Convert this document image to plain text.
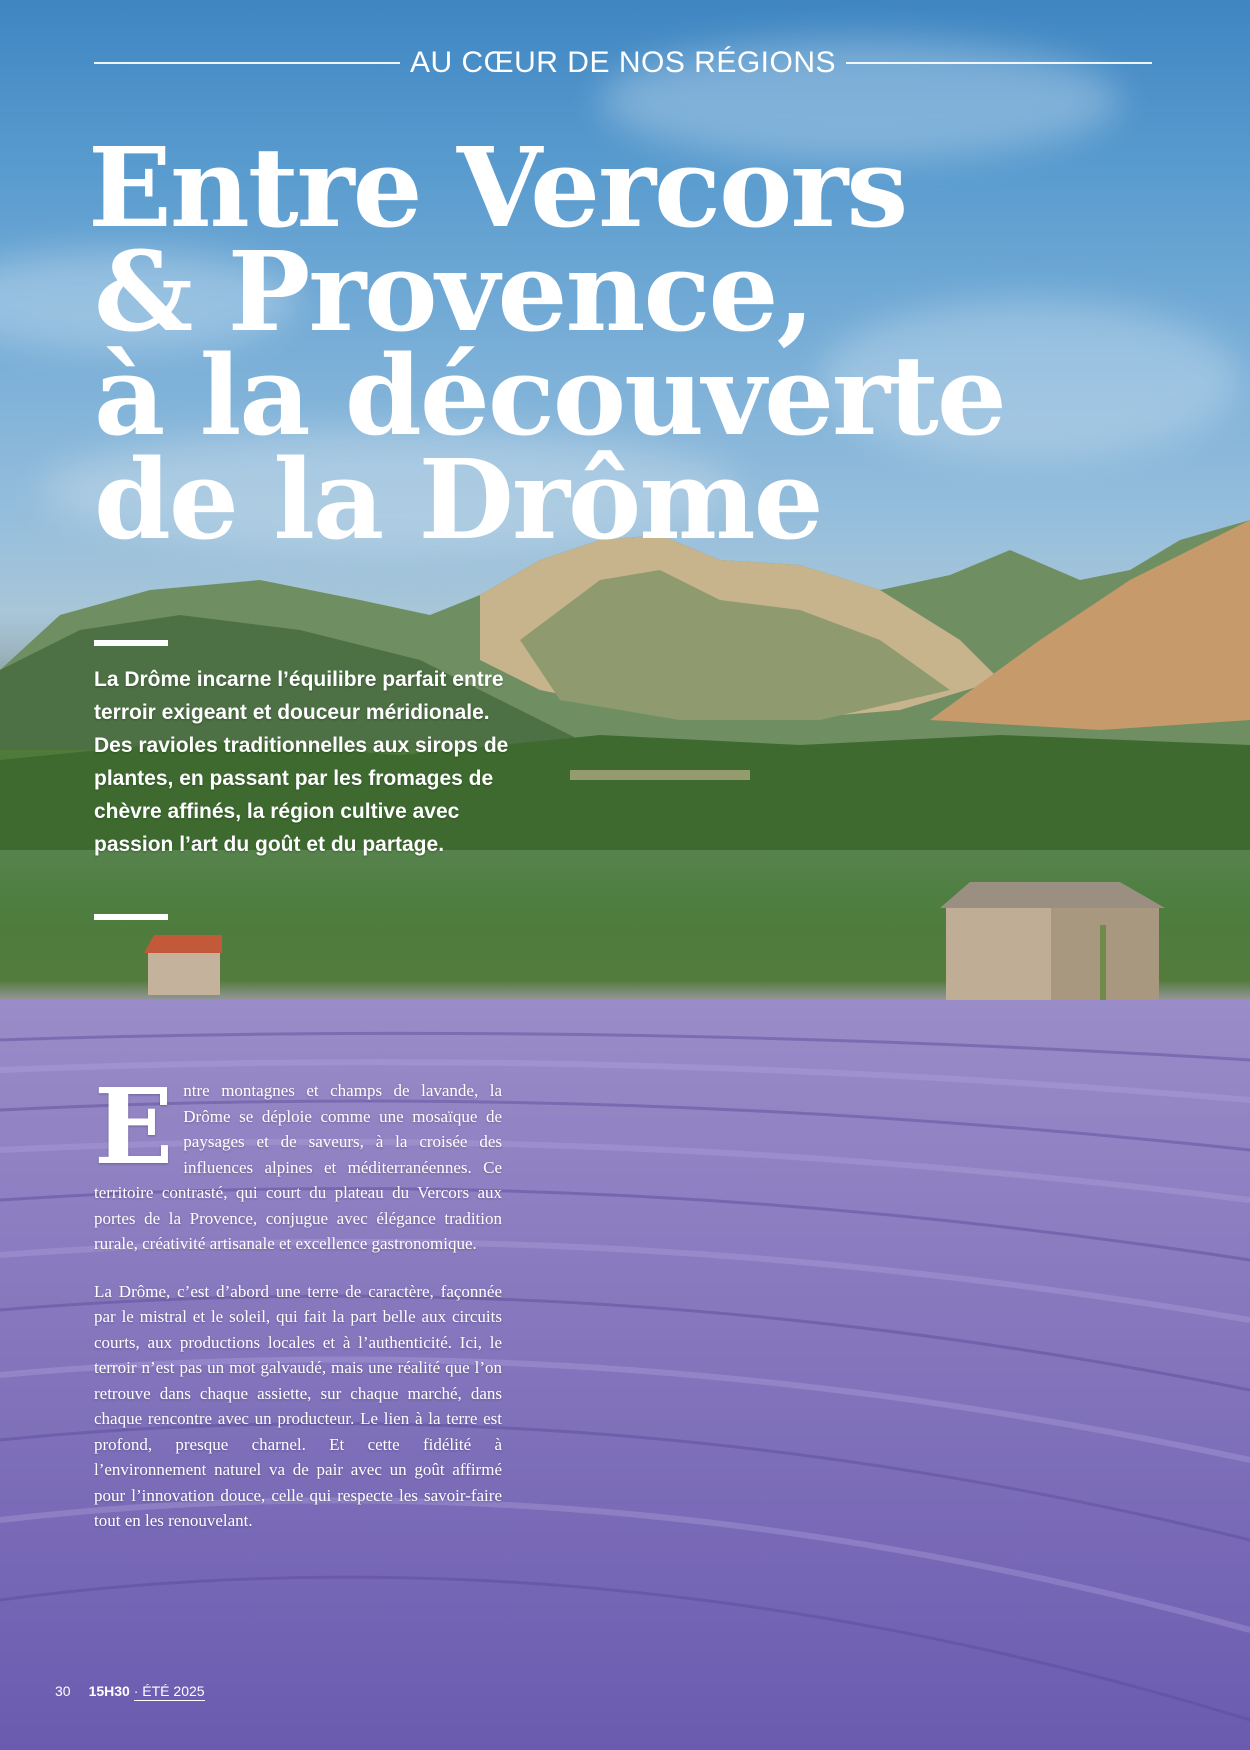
AU CŒUR DE NOS RÉGIONS
Entre Vercors
& Provence,
à la découverte
de la Drôme

La Drôme incarne l’équilibre parfait entre terroir exigeant et douceur méridionale. Des ravioles traditionnelles aux sirops de plantes, en passant par les fromages de chèvre affinés, la région cultive avec passion l’art du goût et du partage.

Entre montagnes et champs de lavande, la Drôme se déploie comme une mosaïque de paysages et de saveurs, à la croisée des influences alpines et méditerranéennes. Ce territoire contrasté, qui court du plateau du Vercors aux portes de la Provence, conjugue avec élégance tradition rurale, créativité artisanale et excellence gastronomique.

La Drôme, c’est d’abord une terre de caractère, façonnée par le mistral et le soleil, qui fait la part belle aux circuits courts, aux productions locales et à l’authenticité. Ici, le terroir n’est pas un mot galvaudé, mais une réalité que l’on retrouve dans chaque assiette, sur chaque marché, dans chaque rencontre avec un producteur. Le lien à la terre est profond, presque charnel. Et cette fidélité à l’environnement naturel va de pair avec un goût affirmé pour l’innovation douce, celle qui respecte les savoir-faire tout en les renouvelant.

30 15H30 · ÉTÉ 2025
